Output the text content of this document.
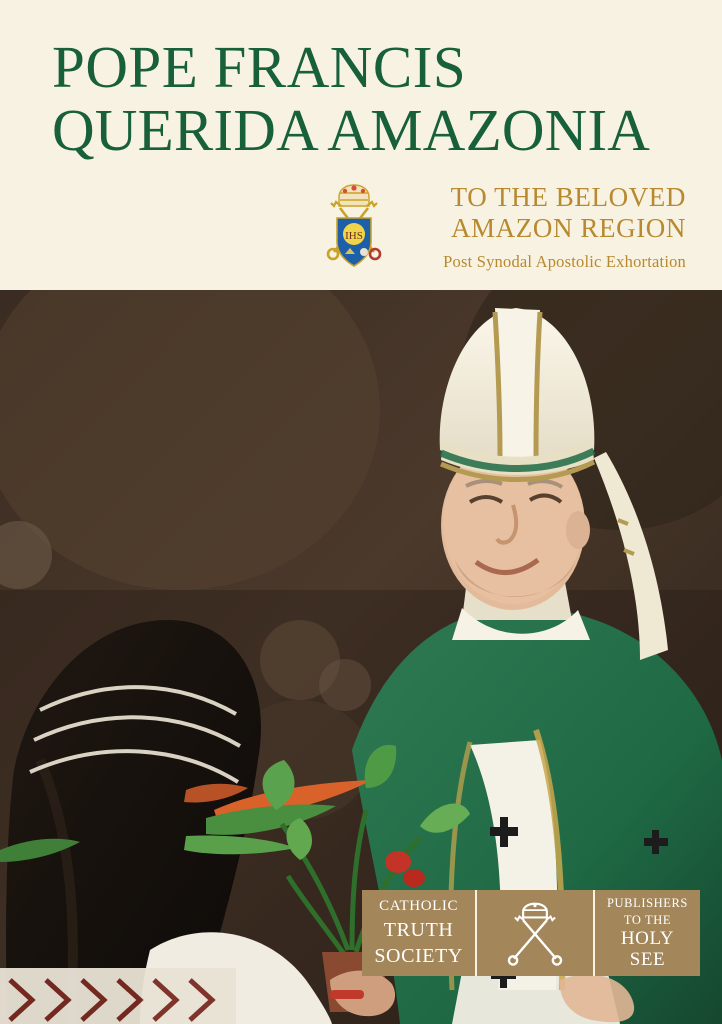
POPE FRANCIS
QUERIDA AMAZONIA
IHS
TO THE BELOVED
AMAZON REGION
Post Synodal Apostolic Exhortation
CATHOLIC
TRUTH
SOCIETY
PUBLISHERS
TO THE
HOLY
SEE
